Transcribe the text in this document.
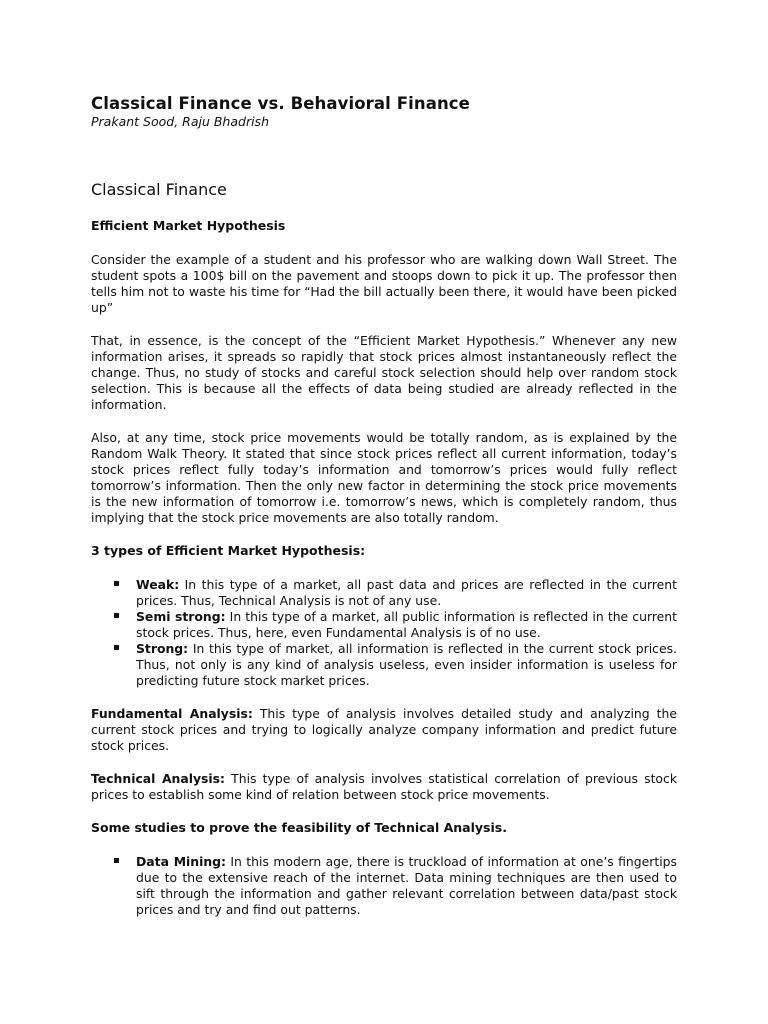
Classical Finance vs. Behavioral Finance
Prakant Sood, Raju Bhadrish
Classical Finance
Efficient Market Hypothesis

Consider the example of a student and his professor who are walking down Wall Street. The student spots a 100$ bill on the pavement and stoops down to pick it up. The professor then tells him not to waste his time for “Had the bill actually been there, it would have been picked up”

That, in essence, is the concept of the “Efficient Market Hypothesis.” Whenever any new information arises, it spreads so rapidly that stock prices almost instantaneously reflect the change. Thus, no study of stocks and careful stock selection should help over random stock selection. This is because all the effects of data being studied are already reflected in the information.

Also, at any time, stock price movements would be totally random, as is explained by the Random Walk Theory. It stated that since stock prices reflect all current information, today’s stock prices reflect fully today’s information and tomorrow’s prices would fully reflect tomorrow’s information. Then the only new factor in determining the stock price movements is the new information of tomorrow i.e. tomorrow’s news, which is completely random, thus implying that the stock price movements are also totally random.

3 types of Efficient Market Hypothesis:
Weak: In this type of a market, all past data and prices are reflected in the current prices. Thus, Technical Analysis is not of any use.
Semi strong: In this type of a market, all public information is reflected in the current stock prices. Thus, here, even Fundamental Analysis is of no use.
Strong: In this type of market, all information is reflected in the current stock prices. Thus, not only is any kind of analysis useless, even insider information is useless for predicting future stock market prices.

Fundamental Analysis: This type of analysis involves detailed study and analyzing the current stock prices and trying to logically analyze company information and predict future stock prices.

Technical Analysis: This type of analysis involves statistical correlation of previous stock prices to establish some kind of relation between stock price movements.

Some studies to prove the feasibility of Technical Analysis.
Data Mining: In this modern age, there is truckload of information at one’s fingertips due to the extensive reach of the internet. Data mining techniques are then used to sift through the information and gather relevant correlation between data/past stock prices and try and find out patterns.
